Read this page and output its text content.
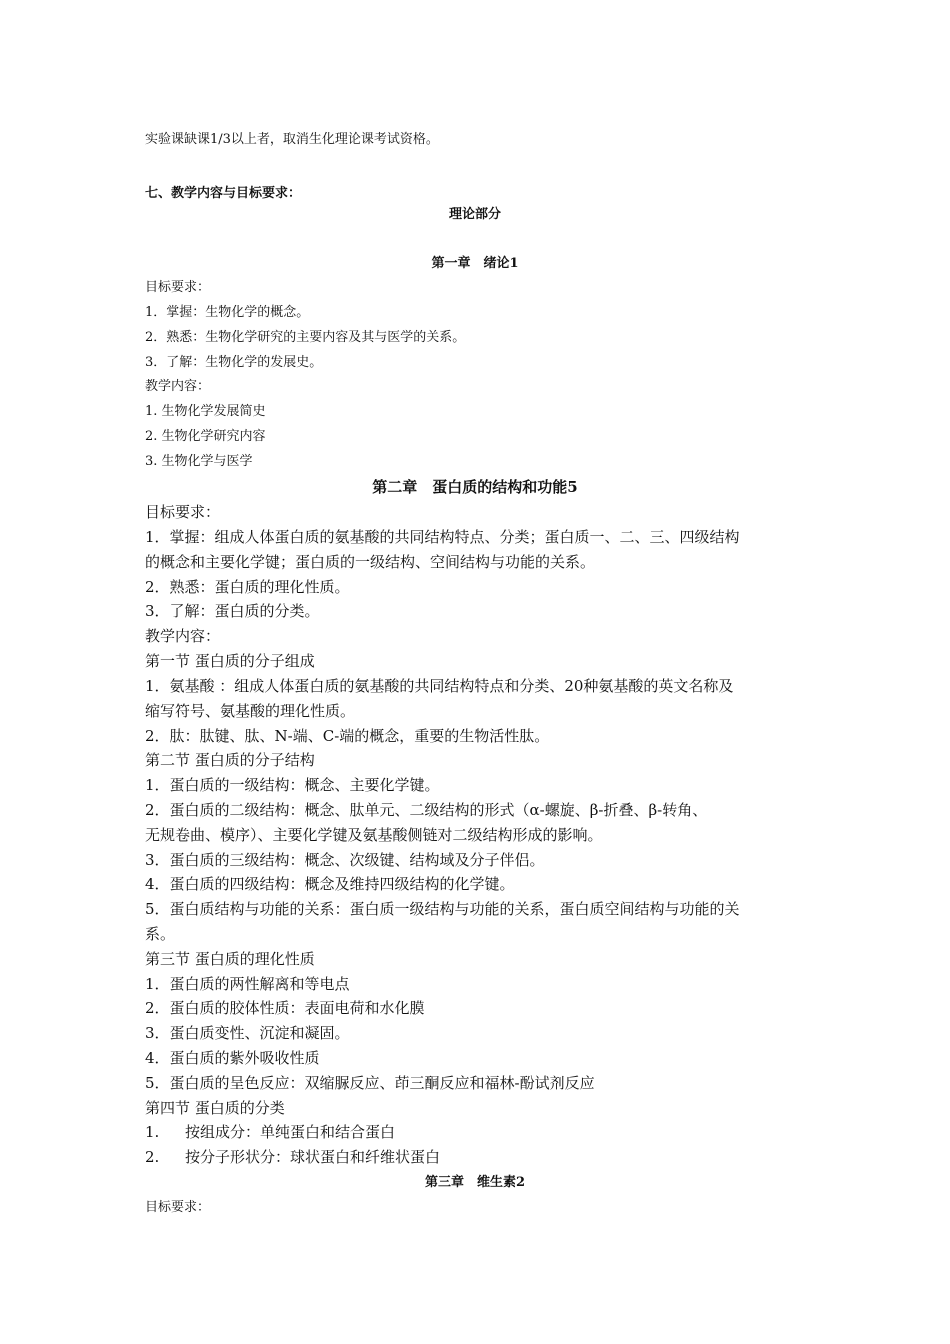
实验课缺课1/3以上者，取消生化理论课考试资格。
七、教学内容与目标要求：
理论部分
第一章　绪论1
目标要求：
1．掌握：生物化学的概念。
2．熟悉：生物化学研究的主要内容及其与医学的关系。
3．了解：生物化学的发展史。
教学内容：
1. 生物化学发展简史
2. 生物化学研究内容
3. 生物化学与医学
第二章　蛋白质的结构和功能5
目标要求：
1．掌握：组成人体蛋白质的氨基酸的共同结构特点、分类；蛋白质一、二、三、四级结构
的概念和主要化学键；蛋白质的一级结构、空间结构与功能的关系。
2．熟悉：蛋白质的理化性质。
3．了解：蛋白质的分类。
教学内容：
第一节 蛋白质的分子组成
1．氨基酸 ：组成人体蛋白质的氨基酸的共同结构特点和分类、20种氨基酸的英文名称及
缩写符号、氨基酸的理化性质。
2．肽：肽键、肽、N-端、C-端的概念，重要的生物活性肽。
第二节 蛋白质的分子结构
1．蛋白质的一级结构：概念、主要化学键。
2．蛋白质的二级结构：概念、肽单元、二级结构的形式（α-螺旋、β-折叠、β-转角、
无规卷曲、模序）、主要化学键及氨基酸侧链对二级结构形成的影响。
3．蛋白质的三级结构：概念、次级键、结构域及分子伴侣。
4．蛋白质的四级结构：概念及维持四级结构的化学键。
5．蛋白质结构与功能的关系：蛋白质一级结构与功能的关系，蛋白质空间结构与功能的关
系。
第三节 蛋白质的理化性质
1．蛋白质的两性解离和等电点
2．蛋白质的胶体性质：表面电荷和水化膜
3．蛋白质变性、沉淀和凝固。
4．蛋白质的紫外吸收性质
5．蛋白质的呈色反应：双缩脲反应、茚三酮反应和福林-酚试剂反应
第四节 蛋白质的分类
1. 按组成分：单纯蛋白和结合蛋白
2. 按分子形状分：球状蛋白和纤维状蛋白
第三章　维生素2
目标要求：
